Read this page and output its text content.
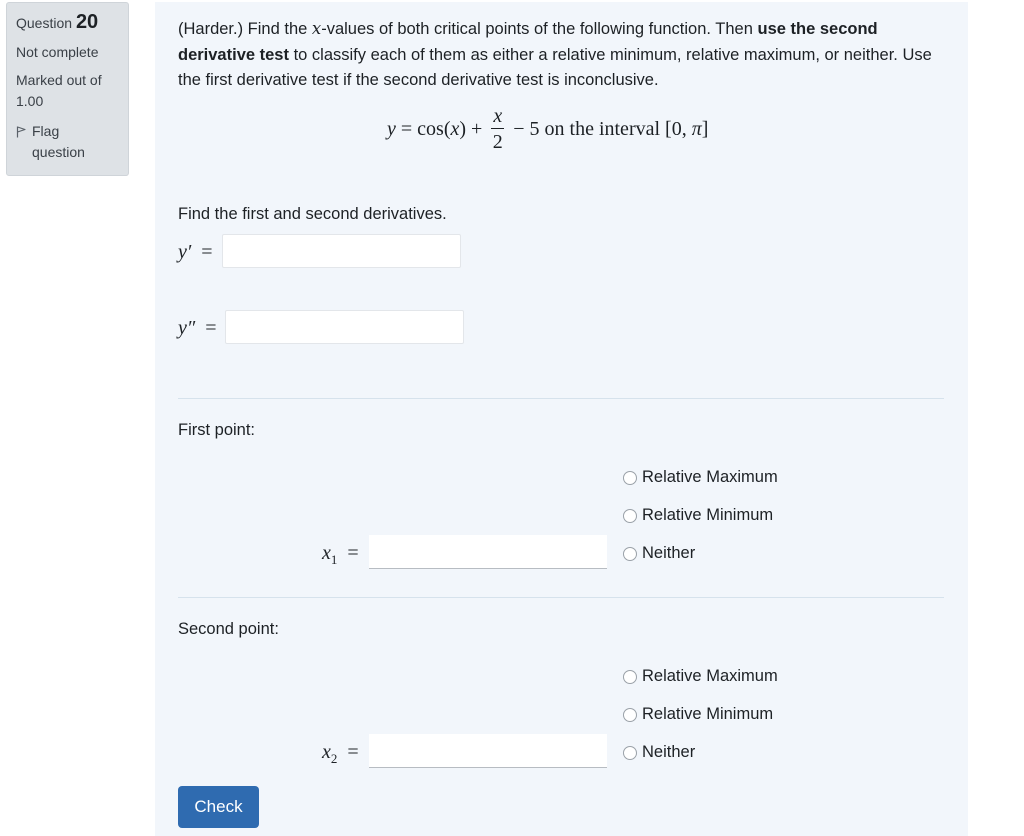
Question 20
Not complete
Marked out of
1.00
Flag
question

(Harder.) Find the x-values of both critical points of the following function. Then use the second derivative test to classify each of them as either a relative minimum, relative maximum, or neither. Use the first derivative test if the second derivative test is inconclusive.

y = cos( x ) + $\frac{x}{2} - 5$ on the interval [0, π ]
Find the first and second derivatives.
y′ =
y″ =
First point:
Relative Maximum
Relative Minimum
Neither
$x_1$ =
Second point:
Relative Maximum
Relative Minimum
Neither
$x_2$ =
Check
